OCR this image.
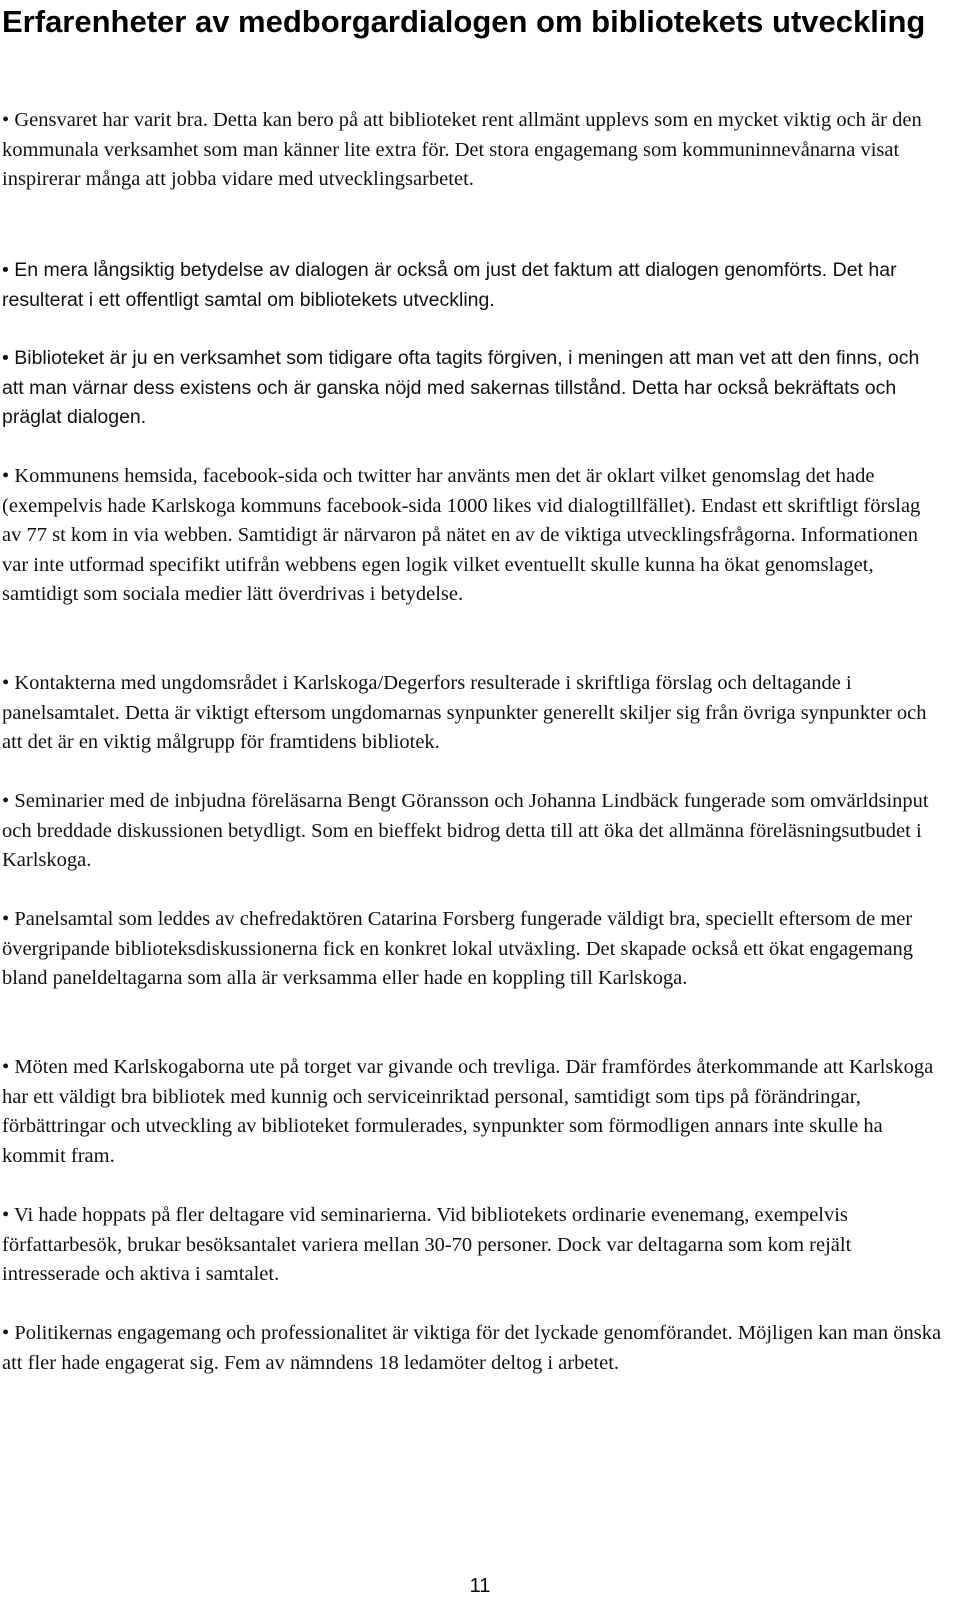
Erfarenheter av medborgardialogen om bibliotekets utveckling

• Gensvaret har varit bra. Detta kan bero på att biblioteket rent allmänt upplevs som en mycket viktig och är den kommunala verksamhet som man känner lite extra för. Det stora engagemang som kommuninnevånarna visat inspirerar många att jobba vidare med utvecklingsarbetet.

• En mera långsiktig betydelse av dialogen är också om just det faktum att dialogen genomförts. Det har resulterat i ett offentligt samtal om bibliotekets utveckling.

• Biblioteket är ju en verksamhet som tidigare ofta tagits förgiven, i meningen att man vet att den finns, och att man värnar dess existens och är ganska nöjd med sakernas tillstånd. Detta har också bekräftats och präglat dialogen.

• Kommunens hemsida, facebook-sida och twitter har använts men det är oklart vilket genomslag det hade (exempelvis hade Karlskoga kommuns facebook-sida 1000 likes vid dialogtillfället). Endast ett skriftligt förslag av 77 st kom in via webben. Samtidigt är närvaron på nätet en av de viktiga utvecklingsfrågorna. Informationen var inte utformad specifikt utifrån webbens egen logik vilket eventuellt skulle kunna ha ökat genomslaget, samtidigt som sociala medier lätt överdrivas i betydelse.

• Kontakterna med ungdomsrådet i Karlskoga/Degerfors resulterade i skriftliga förslag och deltagande i panelsamtalet. Detta är viktigt eftersom ungdomarnas synpunkter generellt skiljer sig från övriga synpunkter och att det är en viktig målgrupp för framtidens bibliotek.

• Seminarier med de inbjudna föreläsarna Bengt Göransson och Johanna Lindbäck fungerade som omvärldsinput och breddade diskussionen betydligt. Som en bieffekt bidrog detta till att öka det allmänna föreläsningsutbudet i Karlskoga.

• Panelsamtal som leddes av chefredaktören Catarina Forsberg fungerade väldigt bra, speciellt eftersom de mer övergripande biblioteksdiskussionerna fick en konkret lokal utväxling. Det skapade också ett ökat engagemang bland paneldeltagarna som alla är verksamma eller hade en koppling till Karlskoga.

• Möten med Karlskogaborna ute på torget var givande och trevliga. Där framfördes återkommande att Karlskoga har ett väldigt bra bibliotek med kunnig och serviceinriktad personal, samtidigt som tips på förändringar, förbättringar och utveckling av biblioteket formulerades, synpunkter som förmodligen annars inte skulle ha kommit fram.

• Vi hade hoppats på fler deltagare vid seminarierna. Vid bibliotekets ordinarie evenemang, exempelvis författarbesök, brukar besöksantalet variera mellan 30-70 personer. Dock var deltagarna som kom rejält intresserade och aktiva i samtalet.

• Politikernas engagemang och professionalitet är viktiga för det lyckade genomförandet. Möjligen kan man önska att fler hade engagerat sig. Fem av nämndens 18 ledamöter deltog i arbetet.

11
